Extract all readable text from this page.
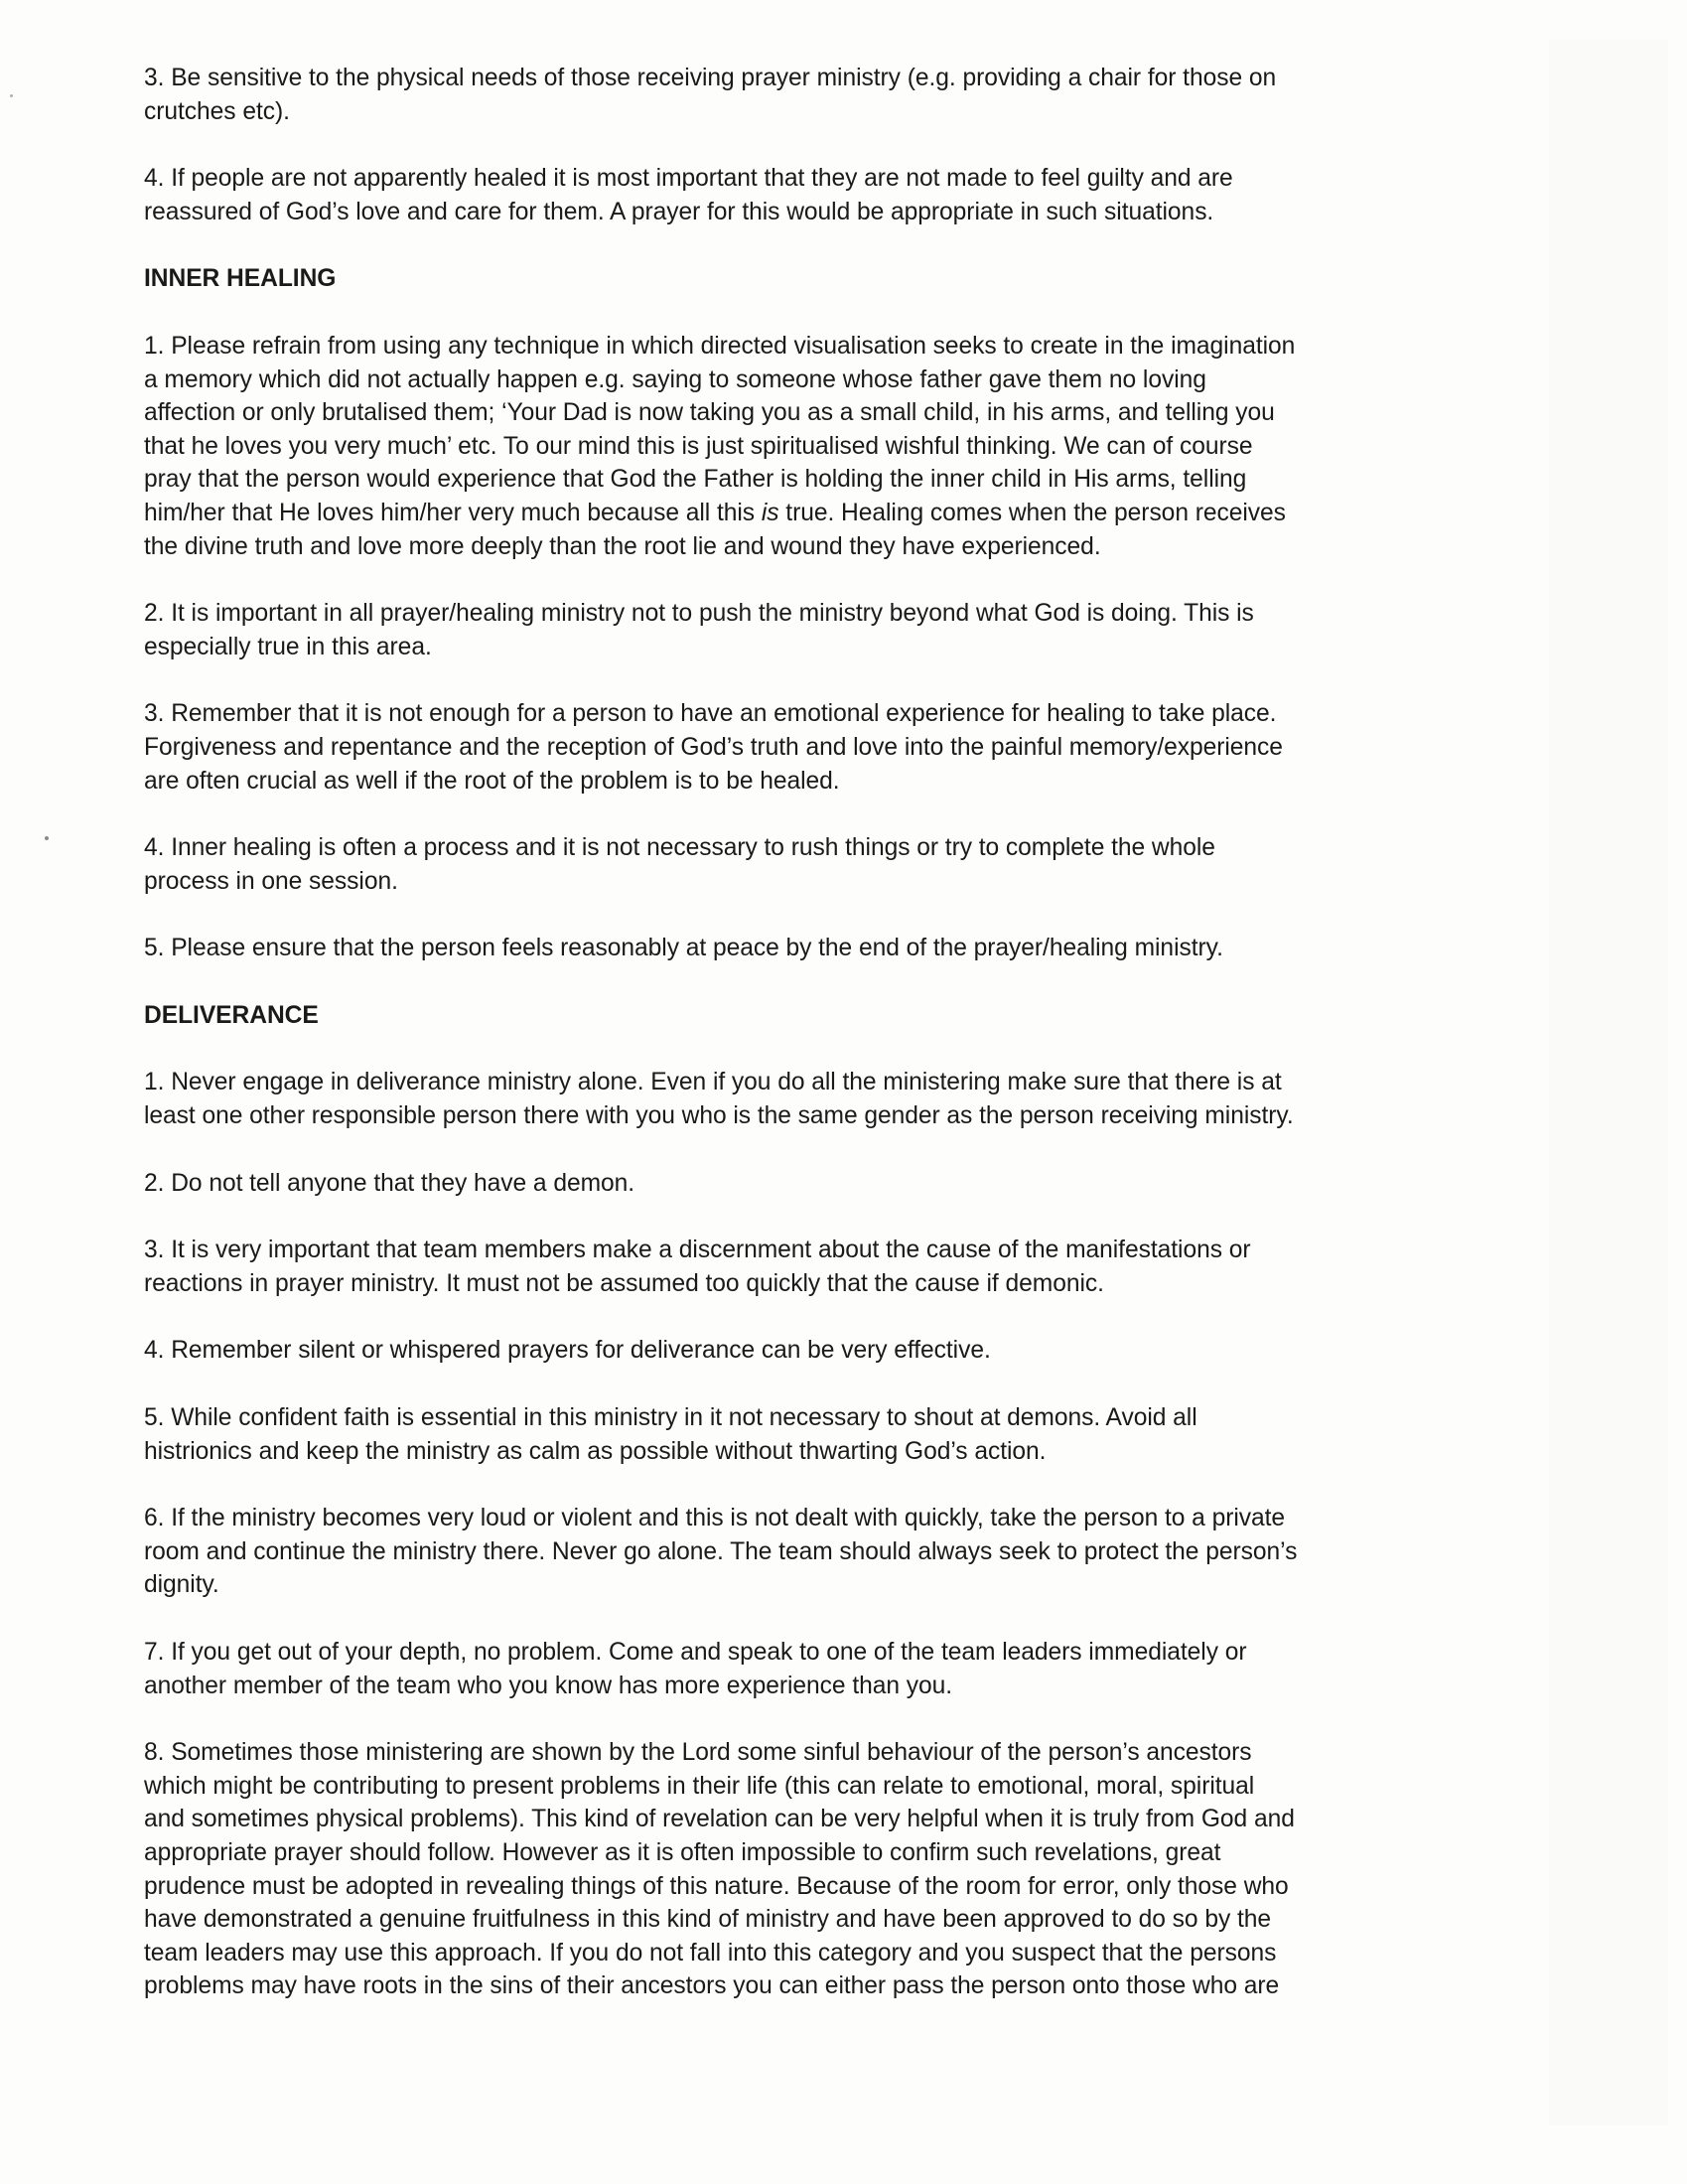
3. Be sensitive to the physical needs of those receiving prayer ministry (e.g. providing a chair for those on
crutches etc).
4. If people are not apparently healed it is most important that they are not made to feel guilty and are
reassured of God’s love and care for them. A prayer for this would be appropriate in such situations.
INNER HEALING
1. Please refrain from using any technique in which directed visualisation seeks to create in the imagination
a memory which did not actually happen e.g. saying to someone whose father gave them no loving
affection or only brutalised them; ‘Your Dad is now taking you as a small child, in his arms, and telling you
that he loves you very much’ etc. To our mind this is just spiritualised wishful thinking. We can of course
pray that the person would experience that God the Father is holding the inner child in His arms, telling
him/her that He loves him/her very much because all this is true. Healing comes when the person receives
the divine truth and love more deeply than the root lie and wound they have experienced.
2. It is important in all prayer/healing ministry not to push the ministry beyond what God is doing. This is
especially true in this area.
3. Remember that it is not enough for a person to have an emotional experience for healing to take place.
Forgiveness and repentance and the reception of God’s truth and love into the painful memory/experience
are often crucial as well if the root of the problem is to be healed.
4. Inner healing is often a process and it is not necessary to rush things or try to complete the whole
process in one session.
5. Please ensure that the person feels reasonably at peace by the end of the prayer/healing ministry.
DELIVERANCE
1. Never engage in deliverance ministry alone. Even if you do all the ministering make sure that there is at
least one other responsible person there with you who is the same gender as the person receiving ministry.
2. Do not tell anyone that they have a demon.
3. It is very important that team members make a discernment about the cause of the manifestations or
reactions in prayer ministry. It must not be assumed too quickly that the cause if demonic.
4. Remember silent or whispered prayers for deliverance can be very effective.
5. While confident faith is essential in this ministry in it not necessary to shout at demons. Avoid all
histrionics and keep the ministry as calm as possible without thwarting God’s action.
6. If the ministry becomes very loud or violent and this is not dealt with quickly, take the person to a private
room and continue the ministry there. Never go alone. The team should always seek to protect the person’s
dignity.
7. If you get out of your depth, no problem. Come and speak to one of the team leaders immediately or
another member of the team who you know has more experience than you.
8. Sometimes those ministering are shown by the Lord some sinful behaviour of the person’s ancestors
which might be contributing to present problems in their life (this can relate to emotional, moral, spiritual
and sometimes physical problems). This kind of revelation can be very helpful when it is truly from God and
appropriate prayer should follow. However as it is often impossible to confirm such revelations, great
prudence must be adopted in revealing things of this nature. Because of the room for error, only those who
have demonstrated a genuine fruitfulness in this kind of ministry and have been approved to do so by the
team leaders may use this approach. If you do not fall into this category and you suspect that the persons
problems may have roots in the sins of their ancestors you can either pass the person onto those who are
